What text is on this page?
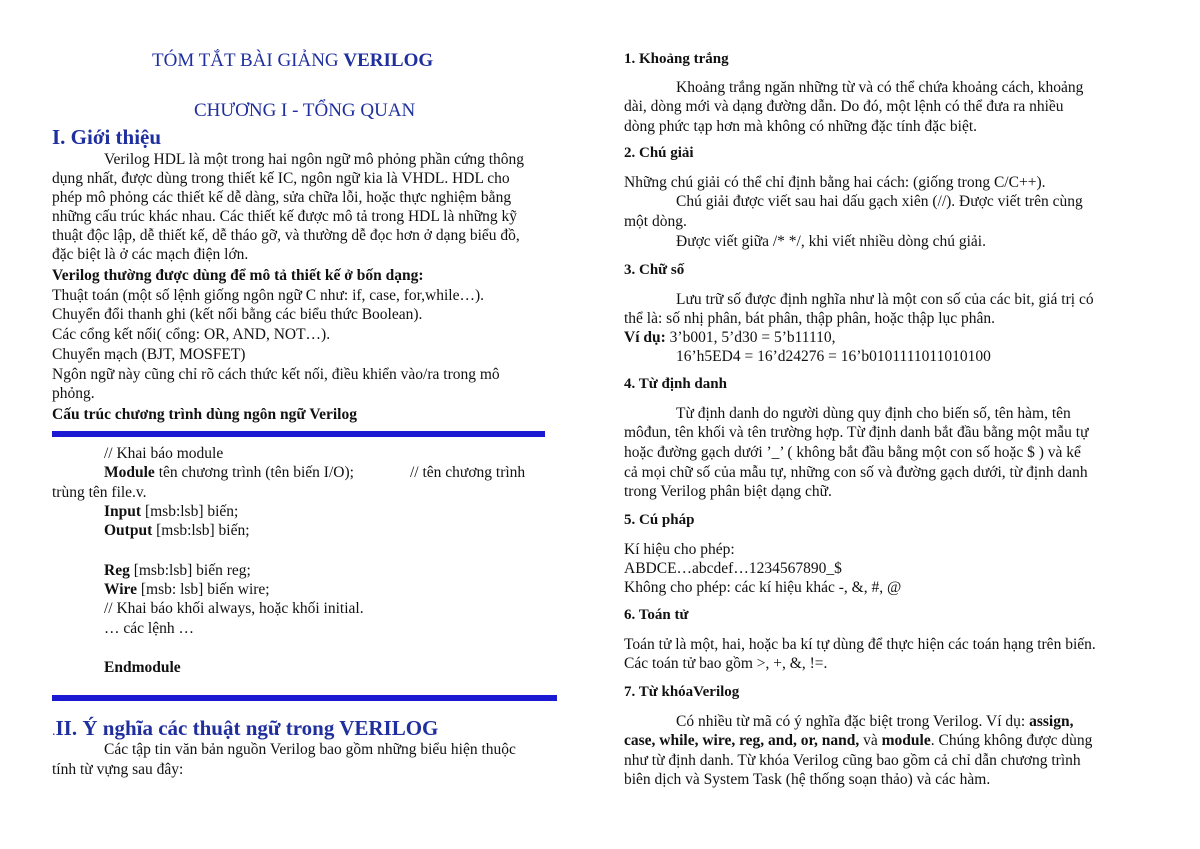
TÓM TẮT BÀI GIẢNG VERILOG

CHƯƠNG I - TỔNG QUAN

I. Giới thiệu

Verilog HDL là một trong hai ngôn ngữ mô phỏng phần cứng thông

dụng nhất, được dùng trong thiết kế IC, ngôn ngữ kia là VHDL. HDL cho

phép mô phỏng các thiết kế dễ dàng, sửa chữa lỗi, hoặc thực nghiệm bằng

những cấu trúc khác nhau. Các thiết kế được mô tả trong HDL là những kỹ

thuật độc lập, dễ thiết kế, dễ tháo gỡ, và thường dễ đọc hơn ở dạng biểu đồ,

đặc biệt là ở các mạch điện lớn.

Verilog thường được dùng để mô tả thiết kế ở bốn dạng:

Thuật toán (một số lệnh giống ngôn ngữ C như: if, case, for,while…).

Chuyển đổi thanh ghi (kết nối bằng các biểu thức Boolean).

Các cổng kết nối( cổng: OR, AND, NOT…).

Chuyển mạch (BJT, MOSFET)

Ngôn ngữ này cũng chỉ rõ cách thức kết nối, điều khiển vào/ra trong mô

phỏng.

Cấu trúc chương trình dùng ngôn ngữ Verilog

// Khai báo module

Module tên chương trình (tên biến I/O);	// tên chương trình

trùng tên file.v.

Input [msb:lsb] biến;

Output [msb:lsb] biến;

Reg [msb:lsb] biến reg;

Wire [msb: lsb] biến wire;

// Khai báo khối always, hoặc khối initial.

… các lệnh …

Endmodule

.II. Ý nghĩa các thuật ngữ trong VERILOG

Các tập tin văn bản nguồn Verilog bao gồm những biểu hiện thuộc

tính từ vựng sau đây:

1. Khoảng trắng

Khoảng trắng ngăn những từ và có thể chứa khoảng cách, khoảng

dài, dòng mới và dạng đường dẫn. Do đó, một lệnh có thể đưa ra nhiều

dòng phức tạp hơn mà không có những đặc tính đặc biệt.

2. Chú giải

Những chú giải có thể chỉ định bằng hai cách: (giống trong C/C++).

Chú giải được viết sau hai dấu gạch xiên (//). Được viết trên cùng

một dòng.

Được viết giữa /* */, khi viết nhiều dòng chú giải.

3. Chữ số

Lưu trữ số được định nghĩa như là một con số của các bit, giá trị có

thể là: số nhị phân, bát phân, thập phân, hoặc thập lục phân.

Ví dụ: 3’b001, 5’d30 = 5’b11110,

16’h5ED4 = 16’d24276 = 16’b0101111011010100

4. Từ định danh

Từ định danh do người dùng quy định cho biến số, tên hàm, tên

môđun, tên khối và tên trường hợp. Từ định danh bắt đầu bằng một mẫu tự

hoặc đường gạch dưới ’_’ ( không bắt đầu bằng một con số hoặc $ ) và kể

cả mọi chữ số của mẫu tự, những con số và đường gạch dưới, từ định danh

trong Verilog phân biệt dạng chữ.

5. Cú pháp

Kí hiệu cho phép:

ABDCE…abcdef…1234567890_$

Không cho phép: các kí hiệu khác -, &, #, @

6. Toán tử

Toán tử là một, hai, hoặc ba kí tự dùng để thực hiện các toán hạng trên biến.

Các toán tử bao gồm >, +, &, !=.

7. Từ khóaVerilog

Có nhiều từ mã có ý nghĩa đặc biệt trong Verilog. Ví dụ: assign,

case, while, wire, reg, and, or, nand, và module. Chúng không được dùng

như từ định danh. Từ khóa Verilog cũng bao gồm cả chỉ dẫn chương trình

biên dịch và System Task (hệ thống soạn thảo) và các hàm.
